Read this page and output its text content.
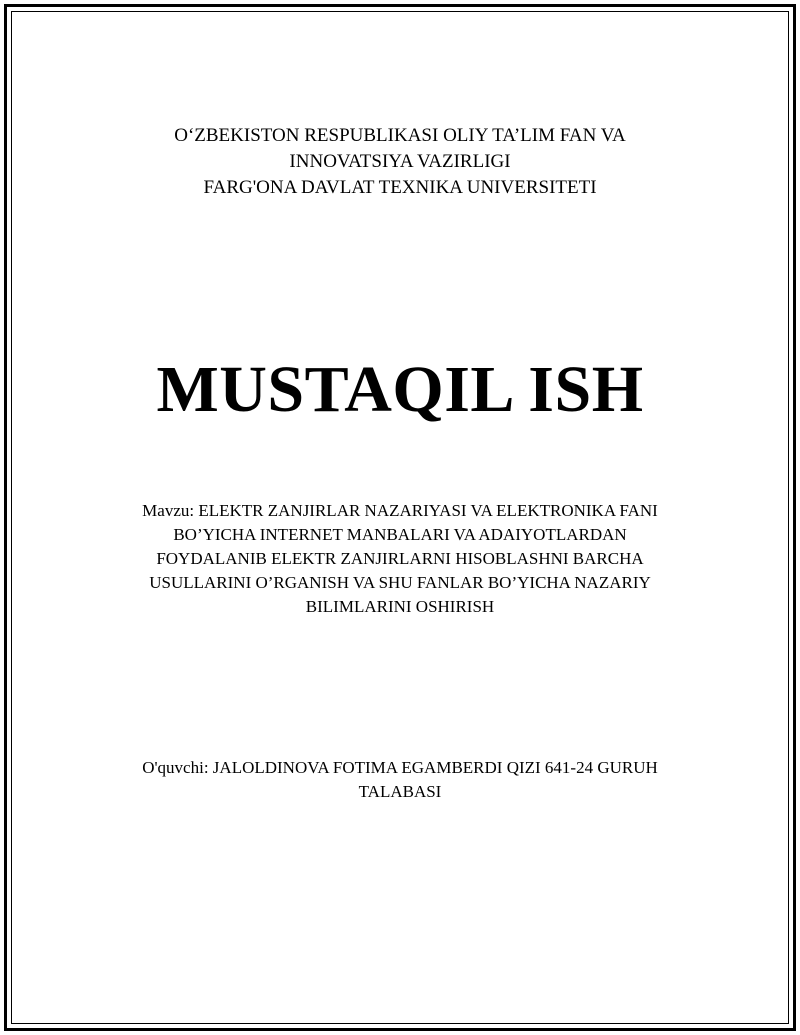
O‘ZBEKISTON RESPUBLIKASI OLIY TA’LIM FAN VA
INNOVATSIYA VAZIRLIGI
FARG'ONA DAVLAT TEXNIKA UNIVERSITETI
MUSTAQIL ISH
Mavzu: ELEKTR ZANJIRLAR NAZARIYASI VA ELEKTRONIKA FANI
BO’YICHA INTERNET MANBALARI VA ADAIYOTLARDAN
FOYDALANIB ELEKTR ZANJIRLARNI HISOBLASHNI BARCHA
USULLARINI O’RGANISH VA SHU FANLAR BO’YICHA NAZARIY
BILIMLARINI OSHIRISH
O'quvchi: JALOLDINOVA FOTIMA EGAMBERDI QIZI 641-24 GURUH
TALABASI
